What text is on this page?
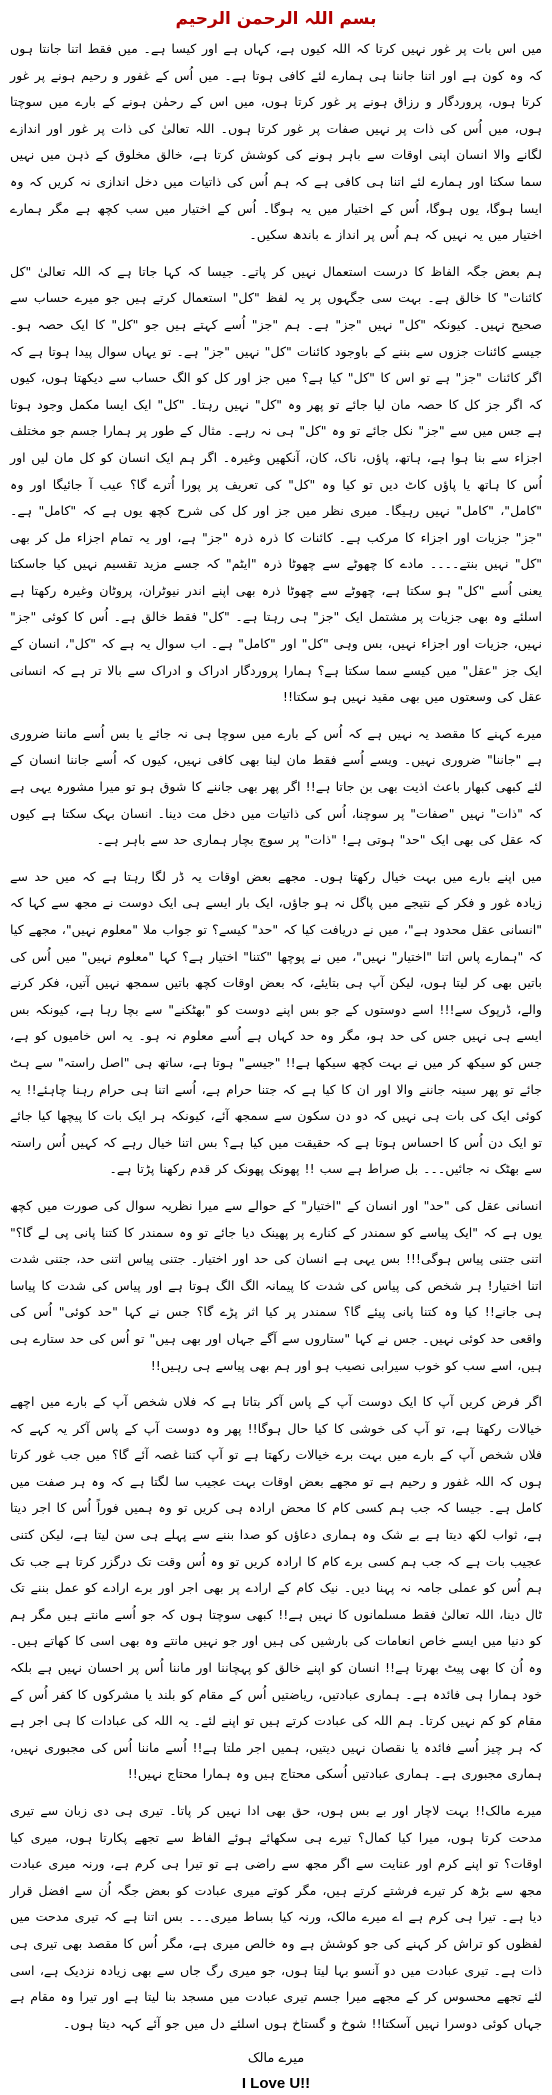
بسم اللہ الرحمن الرحیم

میں اس بات پر غور نہیں کرتا کہ اللہ کیوں ہے، کہاں ہے اور کیسا ہے۔ میں فقط اتنا جانتا ہوں کہ وہ کون ہے اور اتنا جاننا ہی ہمارے لئے کافی ہوتا ہے۔ میں اُس کے غفور و رحیم ہونے پر غور کرتا ہوں، پروردگار و رزاق ہونے پر غور کرتا ہوں، میں اس کے رحمٰن ہونے کے بارے میں سوچتا ہوں، میں اُس کی ذات پر نہیں صفات پر غور کرتا ہوں۔ اللہ تعالیٰ کی ذات پر غور اور اندازے لگانے والا انسان اپنی اوقات سے باہر ہونے کی کوشش کرتا ہے، خالق مخلوق کے ذہن میں نہیں سما سکتا اور ہمارے لئے اتنا ہی کافی ہے کہ ہم اُس کی ذاتیات میں دخل اندازی نہ کریں کہ وہ ایسا ہوگا، یوں ہوگا، اُس کے اختیار میں یہ ہوگا۔ اُس کے اختیار میں سب کچھ ہے مگر ہمارے اختیار میں یہ نہیں کہ ہم اُس پر انداز ے باندھ سکیں۔

ہم بعض جگہ الفاظ کا درست استعمال نہیں کر پاتے۔ جیسا کہ کہا جاتا ہے کہ اللہ تعالیٰ "کل کائنات" کا خالق ہے۔ بہت سی جگہوں پر یہ لفظ "کل" استعمال کرتے ہیں جو میرے حساب سے صحیح نہیں۔ کیونکہ "کل" نہیں "جز" ہے۔ ہم "جز" اُسے کہتے ہیں جو "کل" کا ایک حصہ ہو۔ جیسے کائنات جزوں سے بننے کے باوجود کائنات "کل" نہیں "جز" ہے۔ تو یہاں سوال پیدا ہوتا ہے کہ اگر کائنات "جز" ہے تو اس کا "کل" کیا ہے؟ میں جز اور کل کو الگ حساب سے دیکھتا ہوں، کیوں کہ اگر جز کل کا حصہ مان لیا جائے تو پھر وہ "کل" نہیں رہتا۔ "کل" ایک ایسا مکمل وجود ہوتا ہے جس میں سے "جز" نکل جائے تو وہ "کل" ہی نہ رہے۔ مثال کے طور پر ہمارا جسم جو مختلف اجزاء سے بنا ہوا ہے، ہاتھ، پاؤں، ناک، کان، آنکھیں وغیرہ۔ اگر ہم ایک انسان کو کل مان لیں اور اُس کا ہاتھ یا پاؤں کاٹ دیں تو کیا وہ "کل" کی تعریف پر پورا اُترے گا؟ عیب آ جائیگا اور وہ "کامل"، "کامل" نہیں رہیگا۔ میری نظر میں جز اور کل کی شرح کچھ یوں ہے کہ "کامل" ہے۔ "جز" جزیات اور اجزاء کا مرکب ہے۔ کائنات کا ذرہ ذرہ "جز" ہے، اور یہ تمام اجزاء مل کر بھی "کل" نہیں بنتے۔۔۔۔ مادے کا چھوٹے سے چھوٹا ذرہ "ایٹم" کہ جسے مزید تقسیم نہیں کیا جاسکتا یعنی اُسے "کل" ہو سکتا ہے، چھوٹے سے چھوٹا ذرہ بھی اپنے اندر نیوٹران، پروٹان وغیرہ رکھتا ہے اسلئے وہ بھی جزیات پر مشتمل ایک "جز" ہی رہتا ہے۔ "کل" فقط خالق ہے۔ اُس کا کوئی "جز" نہیں، جزیات اور اجزاء نہیں، بس وہی "کل" اور "کامل" ہے۔ اب سوال یہ ہے کہ "کل"، انسان کے ایک جز "عقل" میں کیسے سما سکتا ہے؟ ہمارا پروردگار ادراک و ادراک سے بالا تر ہے کہ انسانی عقل کی وسعتوں میں بھی مقید نہیں ہو سکتا!!

میرے کہنے کا مقصد یہ نہیں ہے کہ اُس کے بارے میں سوچا ہی نہ جائے یا بس اُسے ماننا ضروری ہے "جاننا" ضروری نہیں۔ ویسے اُسے فقط مان لینا بھی کافی نہیں، کیوں کہ اُسے جاننا انسان کے لئے کبھی کبھار باعث اذیت بھی بن جاتا ہے!! اگر پھر بھی جاننے کا شوق ہو تو میرا مشورہ یہی ہے کہ "ذات" نہیں "صفات" پر سوچنا، اُس کی ذاتیات میں دخل مت دینا۔ انسان بہک سکتا ہے کیوں کہ عقل کی بھی ایک "حد" ہوتی ہے! "ذات" پر سوچ بچار ہماری حد سے باہر ہے۔

میں اپنے بارے میں بہت خیال رکھتا ہوں۔ مجھے بعض اوقات یہ ڈر لگا رہتا ہے کہ میں حد سے زیادہ غور و فکر کے نتیجے میں پاگل نہ ہو جاؤں، ایک بار ایسے ہی ایک دوست نے مجھ سے کہا کہ "انسانی عقل محدود ہے"، میں نے دریافت کیا کہ "حد" کیسے؟ تو جواب ملا "معلوم نہیں"، مجھے کیا کہ "ہمارے پاس اتنا "اختیار" نہیں"، میں نے پوچھا "کتنا" اختیار ہے؟ کہا "معلوم نہیں" میں اُس کی باتیں بھی کر لیتا ہوں، لیکن آپ ہی بتایئے، کہ بعض اوقات کچھ باتیں سمجھ نہیں آتیں، فکر کرنے والے، ڈرپوک سے!!! اسے دوستوں کے جو بس اپنے دوست کو "بھٹکنے" سے بچا رہا ہے، کیونکہ بس ایسے ہی نہیں جس کی حد ہو، مگر وہ حد کہاں ہے اُسے معلوم نہ ہو۔ یہ اس خامیوں کو ہے، جس کو سیکھ کر میں نے بہت کچھ سیکھا ہے!! "جیسے" ہوتا ہے، ساتھ ہی "اصل راستہ" سے ہٹ جائے تو پھر سینہ جاننے والا اور ان کا کیا ہے کہ جتنا حرام ہے، اُسے اتنا ہی حرام رہنا چاہئے!! یہ کوئی ایک کی بات ہی نہیں کہ دو دن سکون سے سمجھ آئے، کیونکہ ہر ایک بات کا پیچھا کیا جائے تو ایک دن اُس کا احساس ہوتا ہے کہ حقیقت میں کیا ہے؟ بس اتنا خیال رہے کہ کہیں اُس راستہ سے بھٹک نہ جائیں۔۔۔ بل صراط ہے سب !! پھونک پھونک کر قدم رکھنا پڑتا ہے۔

انسانی عقل کی "حد" اور انسان کے "اختیار" کے حوالے سے میرا نظریہ سوال کی صورت میں کچھ یوں ہے کہ "ایک پیاسے کو سمندر کے کنارے پر پھینک دیا جائے تو وہ سمندر کا کتنا پانی پی لے گا؟" اتنی جتنی پیاس ہوگی!!! بس یہی ہے انسان کی حد اور اختیار۔ جتنی پیاس اتنی حد، جتنی شدت اتنا اختیار! ہر شخص کی پیاس کی شدت کا پیمانہ الگ الگ ہوتا ہے اور پیاس کی شدت کا پیاسا ہی جانے!! کیا وہ کتنا پانی پیئے گا؟ سمندر پر کیا اثر پڑے گا؟ جس نے کہا "حد کوئی" اُس کی واقعی حد کوئی نہیں۔ جس نے کہا "ستاروں سے آگے جہاں اور بھی ہیں" تو اُس کی حد ستارے ہی ہیں، اسے سب کو خوب سیرابی نصیب ہو اور ہم بھی پیاسے ہی رہیں!!

اگر فرض کریں آپ کا ایک دوست آپ کے پاس آکر بتاتا ہے کہ فلاں شخص آپ کے بارے میں اچھے خیالات رکھتا ہے، تو آپ کی خوشی کا کیا حال ہوگا!! پھر وہ دوست آپ کے پاس آکر یہ کہے کہ فلاں شخص آپ کے بارے میں بہت برے خیالات رکھتا ہے تو آپ کتنا غصہ آئے گا؟ میں جب غور کرتا ہوں کہ اللہ غفور و رحیم ہے تو مجھے بعض اوقات بہت عجیب سا لگتا ہے کہ وہ ہر صفت میں کامل ہے۔ جیسا کہ جب ہم کسی کام کا محض ارادہ ہی کریں تو وہ ہمیں فوراً اُس کا اجر دیتا ہے، ثواب لکھ دیتا ہے بے شک وہ ہماری دعاؤں کو صدا بننے سے پہلے ہی سن لیتا ہے، لیکن کتنی عجیب بات ہے کہ جب ہم کسی برے کام کا ارادہ کریں تو وہ اُس وقت تک درگزر کرتا ہے جب تک ہم اُس کو عملی جامہ نہ پہنا دیں۔ نیک کام کے ارادے پر بھی اجر اور برے ارادے کو عمل بننے تک ٹال دینا، اللہ تعالیٰ فقط مسلمانوں کا نہیں ہے!! کبھی سوچتا ہوں کہ جو اُسے مانتے ہیں مگر ہم کو دنیا میں ایسے خاص انعامات کی بارشیں کی ہیں اور جو نہیں مانتے وہ بھی اسی کا کھاتے ہیں۔ وہ اُن کا بھی پیٹ بھرتا ہے!! انسان کو اپنے خالق کو پہچاننا اور ماننا اُس پر احسان نہیں ہے بلکہ خود ہمارا ہی فائدہ ہے۔ ہماری عبادتیں، ریاضتیں اُس کے مقام کو بلند یا مشرکوں کا کفر اُس کے مقام کو کم نہیں کرتا۔ ہم اللہ کی عبادت کرتے ہیں تو اپنے لئے۔ یہ اللہ کی عبادات کا ہی اجر ہے کہ ہر چیز اُسے فائدہ یا نقصان نہیں دیتیں، ہمیں اجر ملتا ہے!! اُسے ماننا اُس کی مجبوری نہیں، ہماری مجبوری ہے۔ ہماری عبادتیں اُسکی محتاج ہیں وہ ہمارا محتاج نہیں!!

میرے مالک!! بہت لاچار اور بے بس ہوں، حق بھی ادا نہیں کر پاتا۔ تیری ہی دی زبان سے تیری مدحت کرتا ہوں، میرا کیا کمال؟ تیرے ہی سکھائے ہوئے الفاظ سے تجھے پکارتا ہوں، میری کیا اوقات؟ تو اپنے کرم اور عنایت سے اگر مجھ سے راضی ہے تو تیرا ہی کرم ہے، ورنہ میری عبادت مجھ سے بڑھ کر تیرے فرشتے کرتے ہیں، مگر کوتے میری عبادت کو بعض جگہ اُن سے افضل قرار دیا ہے۔ تیرا ہی کرم ہے اے میرے مالک، ورنہ کیا بساط میری۔۔۔ بس اتنا ہے کہ تیری مدحت میں لفظوں کو تراش کر کہنے کی جو کوشش ہے وہ خالص میری ہے، مگر اُس کا مقصد بھی تیری ہی ذات ہے۔ تیری عبادت میں دو آنسو بہا لیتا ہوں، جو میری رگ جاں سے بھی زیادہ نزدیک ہے، اسی لئے تجھے محسوس کر کے مجھے میرا جسم تیری عبادت میں مسجد بنا لیتا ہے اور تیرا وہ مقام ہے جہاں کوئی دوسرا نہیں آسکتا!! شوخ و گستاخ ہوں اسلئے دل میں جو آئے کہہ دیتا ہوں۔

میرے مالک
I Love U!!
